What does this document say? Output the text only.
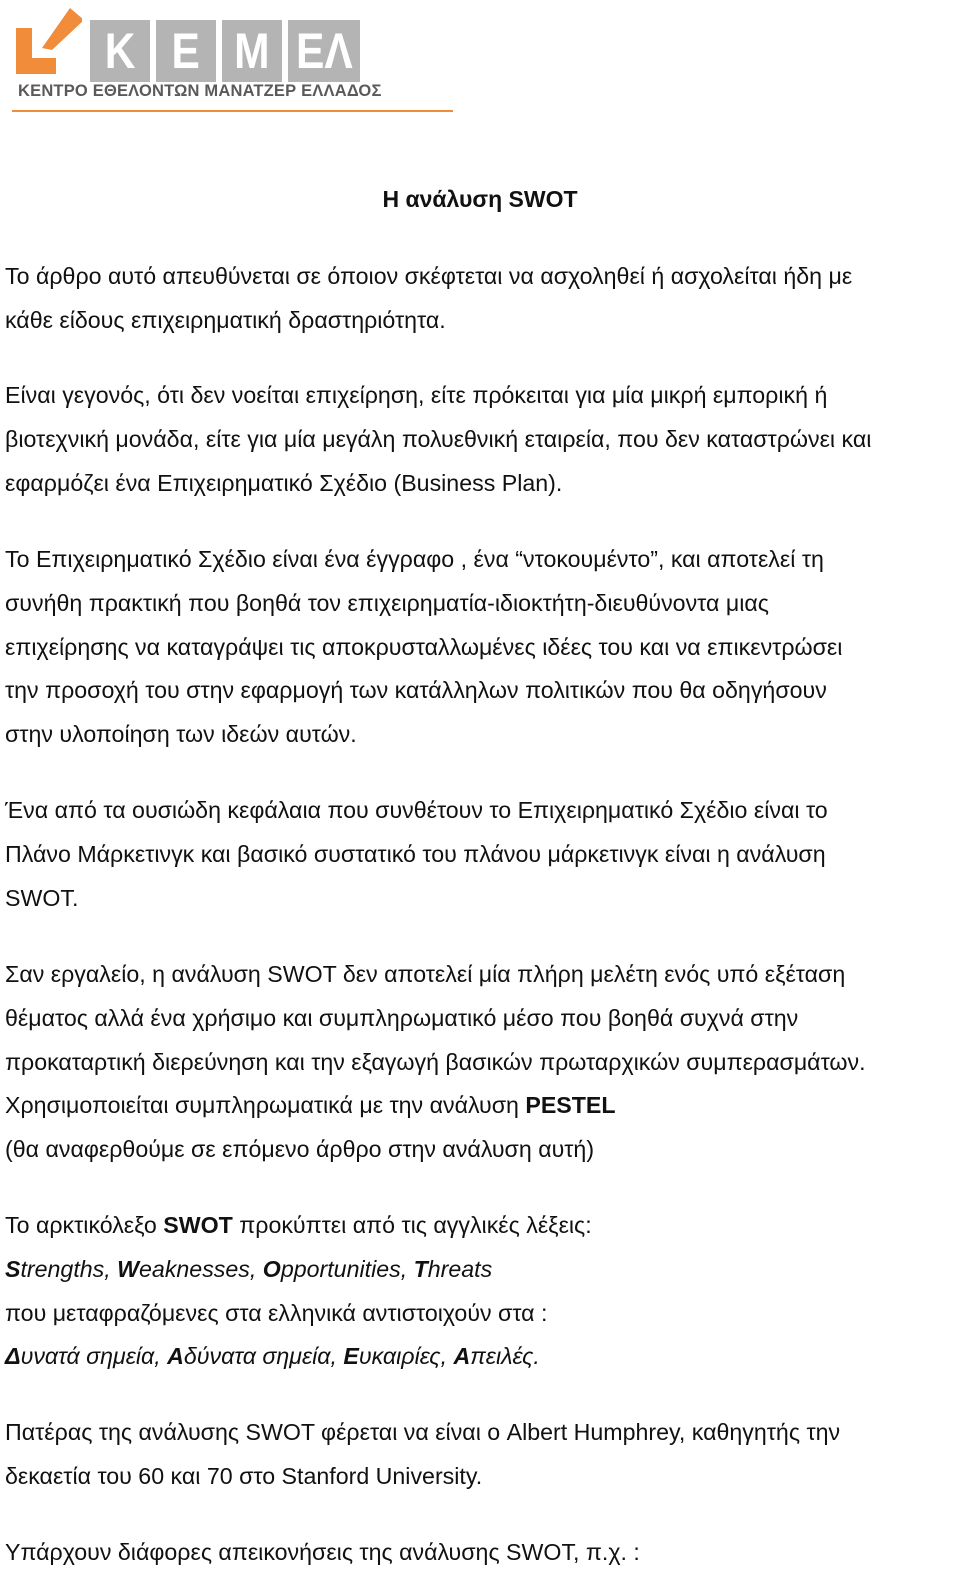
Κ Ε Μ ΕΛ
ΚΕΝΤΡΟ ΕΘΕΛΟΝΤΩΝ ΜΑΝΑΤΖΕΡ ΕΛΛΑΔΟΣ
Η ανάλυση SWOT

Το άρθρο αυτό απευθύνεται σε όποιον σκέφτεται να ασχοληθεί ή ασχολείται ήδη με
κάθε είδους επιχειρηματική δραστηριότητα.

Είναι γεγονός, ότι δεν νοείται επιχείρηση, είτε πρόκειται για μία μικρή εμπορική ή
βιοτεχνική μονάδα, είτε για μία μεγάλη πολυεθνική εταιρεία, που δεν καταστρώνει και
εφαρμόζει ένα Επιχειρηματικό Σχέδιο (Business Plan).

Το Επιχειρηματικό Σχέδιο είναι ένα έγγραφο , ένα “ντοκουμέντο”, και αποτελεί τη
συνήθη πρακτική που βοηθά τον επιχειρηματία-ιδιοκτήτη-διευθύνοντα μιας
επιχείρησης να καταγράψει τις αποκρυσταλλωμένες ιδέες του και να επικεντρώσει
την προσοχή του στην εφαρμογή των κατάλληλων πολιτικών που θα οδηγήσουν
στην υλοποίηση των ιδεών αυτών.

Ένα από τα ουσιώδη κεφάλαια που συνθέτουν το Επιχειρηματικό Σχέδιο είναι το
Πλάνο Μάρκετινγκ και βασικό συστατικό του πλάνου μάρκετινγκ είναι η ανάλυση
SWOT.

Σαν εργαλείο, η ανάλυση SWOT δεν αποτελεί μία πλήρη μελέτη ενός υπό εξέταση
θέματος αλλά ένα χρήσιμο και συμπληρωματικό μέσο που βοηθά συχνά στην
προκαταρτική διερεύνηση και την εξαγωγή βασικών πρωταρχικών συμπερασμάτων.
Χρησιμοποιείται συμπληρωματικά με την ανάλυση PESTEL
(θα αναφερθούμε σε επόμενο άρθρο στην ανάλυση αυτή)

Το αρκτικόλεξο SWOT προκύπτει από τις αγγλικές λέξεις:
Strengths, Weaknesses, Opportunities, Threats
που μεταφραζόμενες στα ελληνικά αντιστοιχούν στα :
Δυνατά σημεία, Αδύνατα σημεία, Ευκαιρίες, Απειλές.

Πατέρας της ανάλυσης SWOT φέρεται να είναι ο Albert Humphrey, καθηγητής την
δεκαετία του 60 και 70 στο Stanford University.

Υπάρχουν διάφορες απεικονήσεις της ανάλυσης SWOT, π.χ. :
